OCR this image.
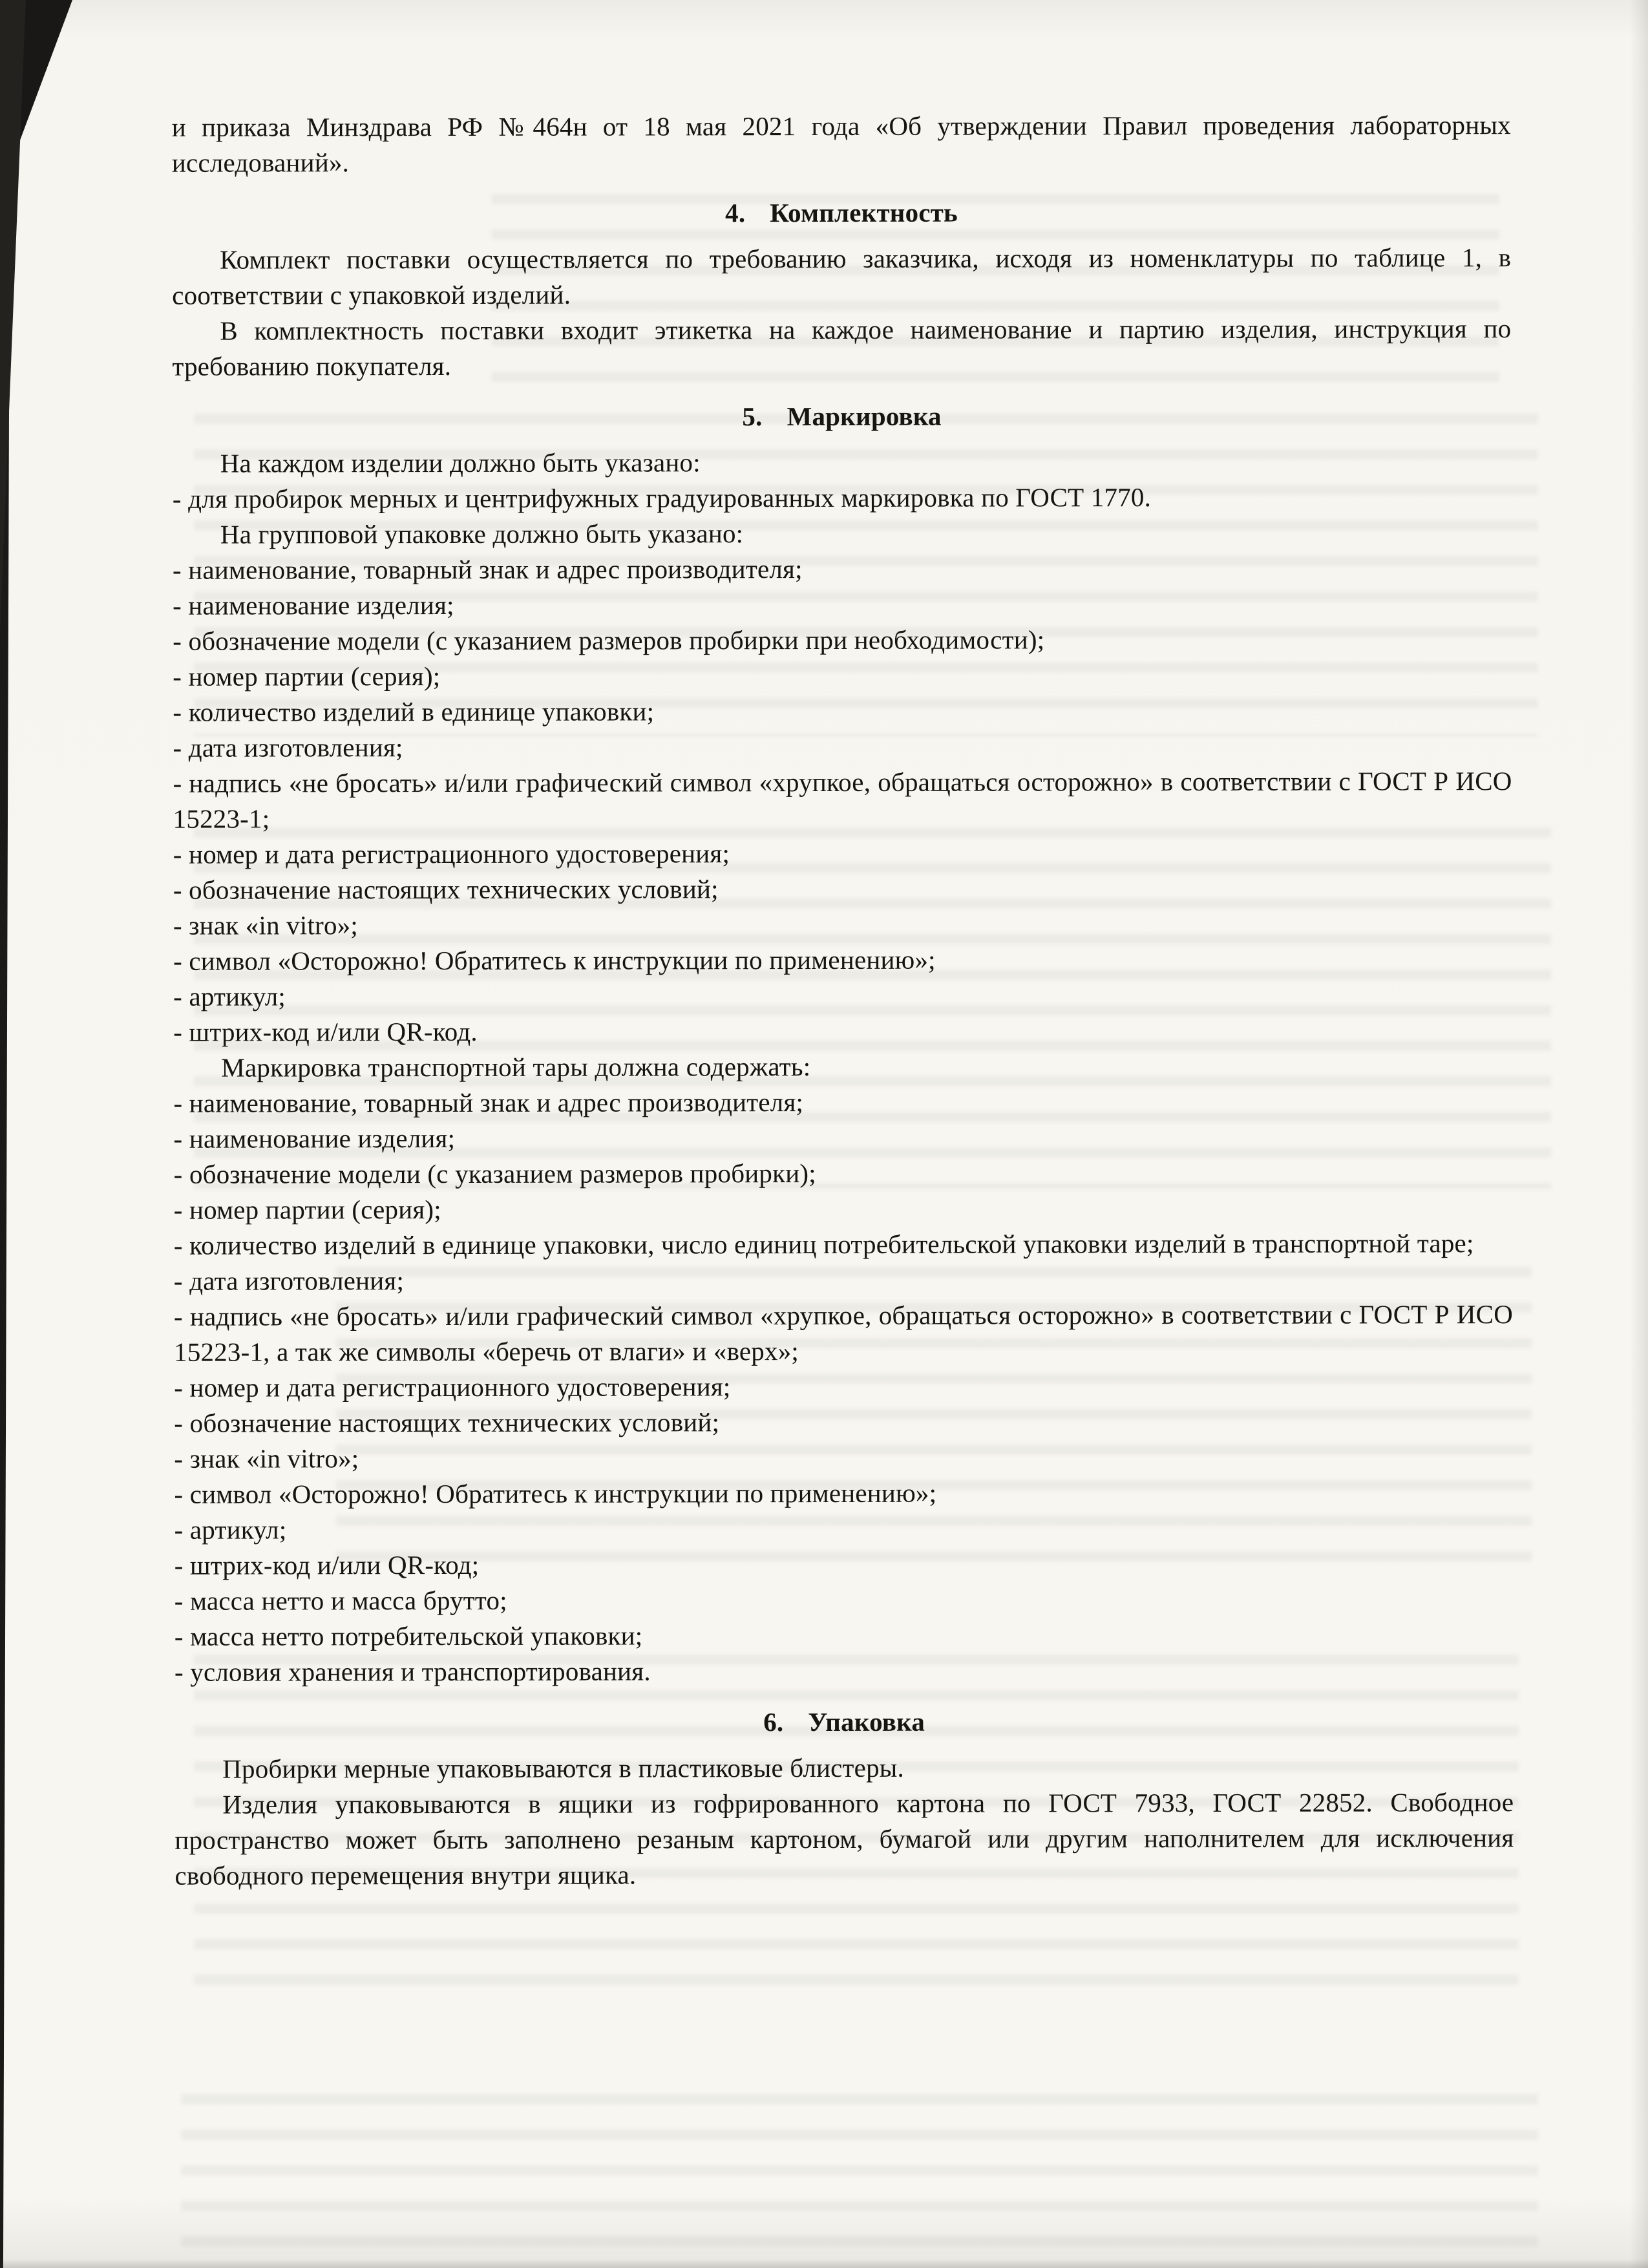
и приказа Минздрава РФ №464н от 18 мая 2021 года «Об утверждении Правил проведения лабораторных исследований».

4. Комплектность

Комплект поставки осуществляется по требованию заказчика, исходя из номенклатуры по таблице 1, в соответствии с упаковкой изделий.

В комплектность поставки входит этикетка на каждое наименование и партию изделия, инструкция по требованию покупателя.

5. Маркировка

На каждом изделии должно быть указано:

- для пробирок мерных и центрифужных градуированных маркировка по ГОСТ 1770.

На групповой упаковке должно быть указано:

- наименование, товарный знак и адрес производителя;

- наименование изделия;

- обозначение модели (с указанием размеров пробирки при необходимости);

- номер партии (серия);

- количество изделий в единице упаковки;

- дата изготовления;

- надпись «не бросать» и/или графический символ «хрупкое, обращаться осторожно» в соответствии с ГОСТ Р ИСО 15223-1;

- номер и дата регистрационного удостоверения;

- обозначение настоящих технических условий;

- знак «in vitro»;

- символ «Осторожно! Обратитесь к инструкции по применению»;

- артикул;

- штрих-код и/или QR-код.

Маркировка транспортной тары должна содержать:

- наименование, товарный знак и адрес производителя;

- наименование изделия;

- обозначение модели (с указанием размеров пробирки);

- номер партии (серия);

- количество изделий в единице упаковки, число единиц потребительской упаковки изделий в транспортной таре;

- дата изготовления;

- надпись «не бросать» и/или графический символ «хрупкое, обращаться осторожно» в соответствии с ГОСТ Р ИСО 15223-1, а так же символы «беречь от влаги» и «верх»;

- номер и дата регистрационного удостоверения;

- обозначение настоящих технических условий;

- знак «in vitro»;

- символ «Осторожно! Обратитесь к инструкции по применению»;

- артикул;

- штрих-код и/или QR-код;

- масса нетто и масса брутто;

- масса нетто потребительской упаковки;

- условия хранения и транспортирования.

6. Упаковка

Пробирки мерные упаковываются в пластиковые блистеры.

Изделия упаковываются в ящики из гофрированного картона по ГОСТ 7933, ГОСТ 22852. Свободное пространство может быть заполнено резаным картоном, бумагой или другим наполнителем для исключения свободного перемещения внутри ящика.
